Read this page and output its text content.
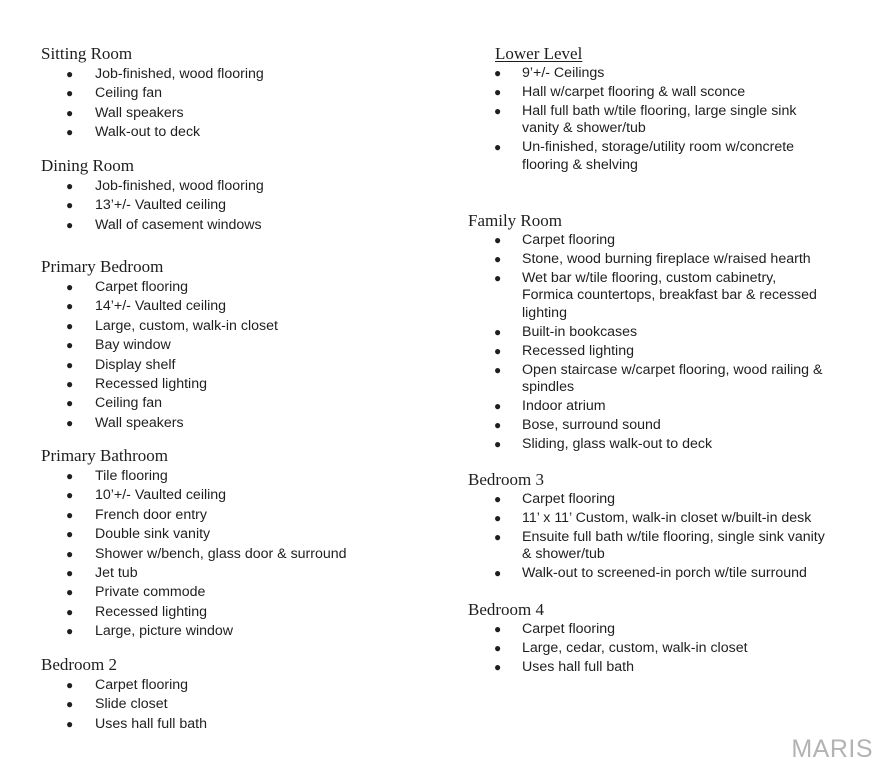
Sitting Room
● Job-finished, wood flooring
● Ceiling fan
● Wall speakers
● Walk-out to deck
Dining Room
● Job-finished, wood flooring
● 13’+/- Vaulted ceiling
● Wall of casement windows
Primary Bedroom
● Carpet flooring
● 14’+/- Vaulted ceiling
● Large, custom, walk-in closet
● Bay window
● Display shelf
● Recessed lighting
● Ceiling fan
● Wall speakers
Primary Bathroom
● Tile flooring
● 10’+/- Vaulted ceiling
● French door entry
● Double sink vanity
● Shower w/bench, glass door & surround
● Jet tub
● Private commode
● Recessed lighting
● Large, picture window
Bedroom 2
● Carpet flooring
● Slide closet
● Uses hall full bath
Lower Level
● 9’+/- Ceilings
● Hall w/carpet flooring & wall sconce
● Hall full bath w/tile flooring, large single sink
vanity & shower/tub
● Un-finished, storage/utility room w/concrete
flooring & shelving
Family Room
● Carpet flooring
● Stone, wood burning fireplace w/raised hearth
● Wet bar w/tile flooring, custom cabinetry,
Formica countertops, breakfast bar & recessed
lighting
● Built-in bookcases
● Recessed lighting
● Open staircase w/carpet flooring, wood railing &
spindles
● Indoor atrium
● Bose, surround sound
● Sliding, glass walk-out to deck
Bedroom 3
● Carpet flooring
● 11’ x 11’ Custom, walk-in closet w/built-in desk
● Ensuite full bath w/tile flooring, single sink vanity
& shower/tub
● Walk-out to screened-in porch w/tile surround
Bedroom 4
● Carpet flooring
● Large, cedar, custom, walk-in closet
● Uses hall full bath
MARIS
